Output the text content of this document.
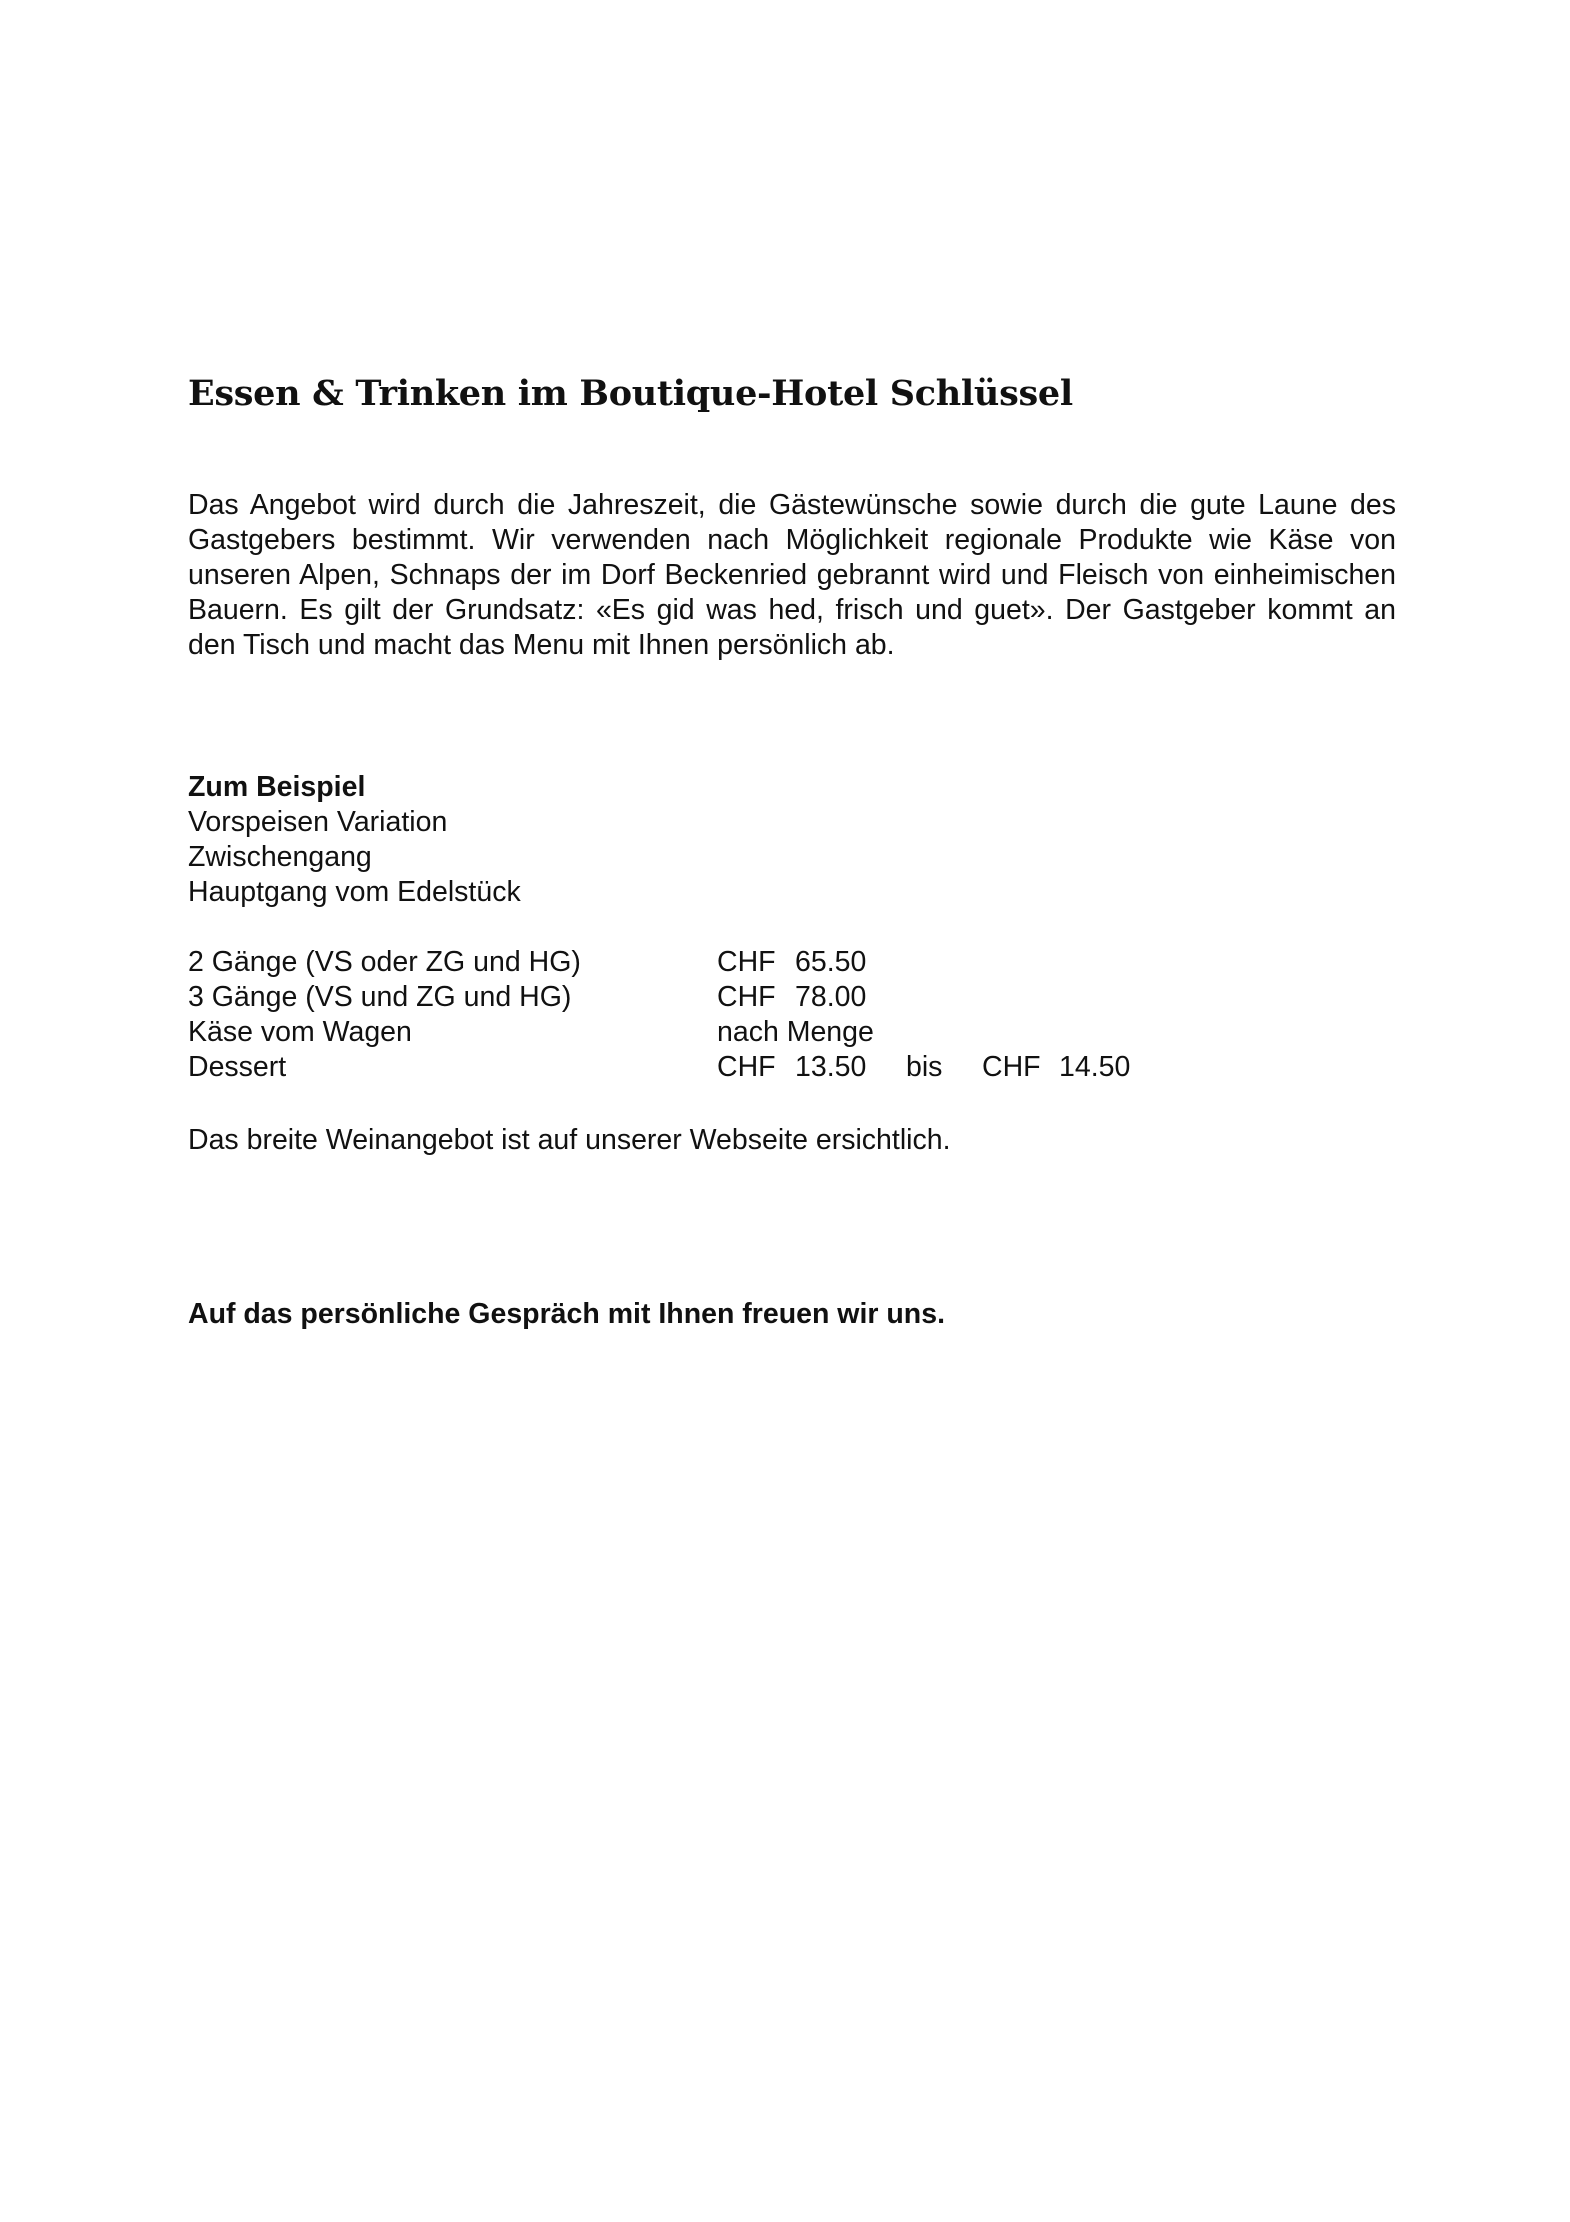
Essen & Trinken im Boutique-Hotel Schlüssel

Das Angebot wird durch die Jahreszeit, die Gästewünsche sowie durch die gute Laune des Gastgebers bestimmt. Wir verwenden nach Möglichkeit regionale Produkte wie Käse von unseren Alpen, Schnaps der im Dorf Beckenried gebrannt wird und Fleisch von einheimischen Bauern. Es gilt der Grundsatz: «Es gid was hed, frisch und guet». Der Gastgeber kommt an den Tisch und macht das Menu mit Ihnen persönlich ab.

Zum Beispiel
Vorspeisen Variation
Zwischengang
Hauptgang vom Edelstück
2 Gänge (VS oder ZG und HG)	CHF 65.50
3 Gänge (VS und ZG und HG)	CHF 78.00
Käse vom Wagen	nach Menge
Dessert	CHF 13.50 bis CHF 14.50

Das breite Weinangebot ist auf unserer Webseite ersichtlich.

Auf das persönliche Gespräch mit Ihnen freuen wir uns.
